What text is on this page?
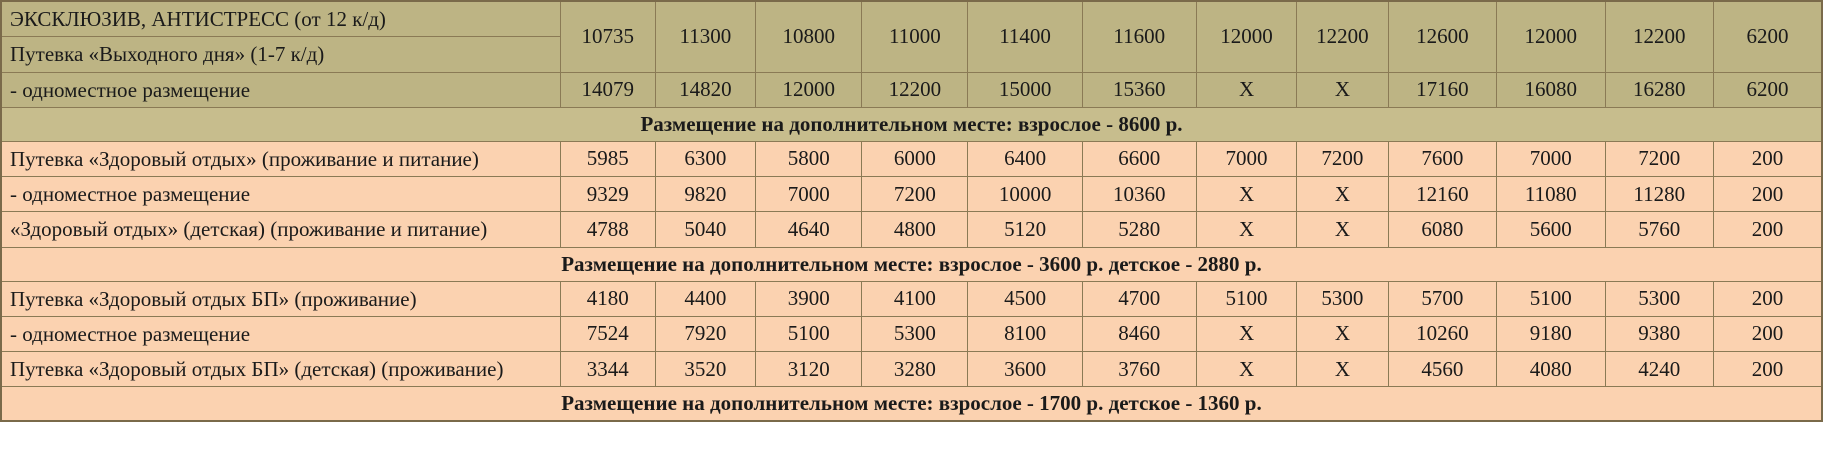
ЭКСКЛЮЗИВ, АНТИСТРЕСС (от 12 к/д)	10735	11300	10800	11000	11400	11600	12000	12200	12600	12000	12200	6200
Путевка «Выходного дня» (1-7 к/д)												
- одноместное размещение	14079	14820	12000	12200	15000	15360	X	X	17160	16080	16280	6200
Размещение на дополнительном месте: взрослое - 8600 р.												
Путевка «Здоровый отдых» (проживание и питание)	5985	6300	5800	6000	6400	6600	7000	7200	7600	7000	7200	200
- одноместное размещение	9329	9820	7000	7200	10000	10360	X	X	12160	11080	11280	200
«Здоровый отдых» (детская) (проживание и питание)	4788	5040	4640	4800	5120	5280	X	X	6080	5600	5760	200
Размещение на дополнительном месте: взрослое - 3600 р. детское - 2880 р.												
Путевка «Здоровый отдых БП» (проживание)	4180	4400	3900	4100	4500	4700	5100	5300	5700	5100	5300	200
- одноместное размещение	7524	7920	5100	5300	8100	8460	X	X	10260	9180	9380	200
Путевка «Здоровый отдых БП» (детская) (проживание)	3344	3520	3120	3280	3600	3760	X	X	4560	4080	4240	200
Размещение на дополнительном месте: взрослое - 1700 р. детское - 1360 р.												
